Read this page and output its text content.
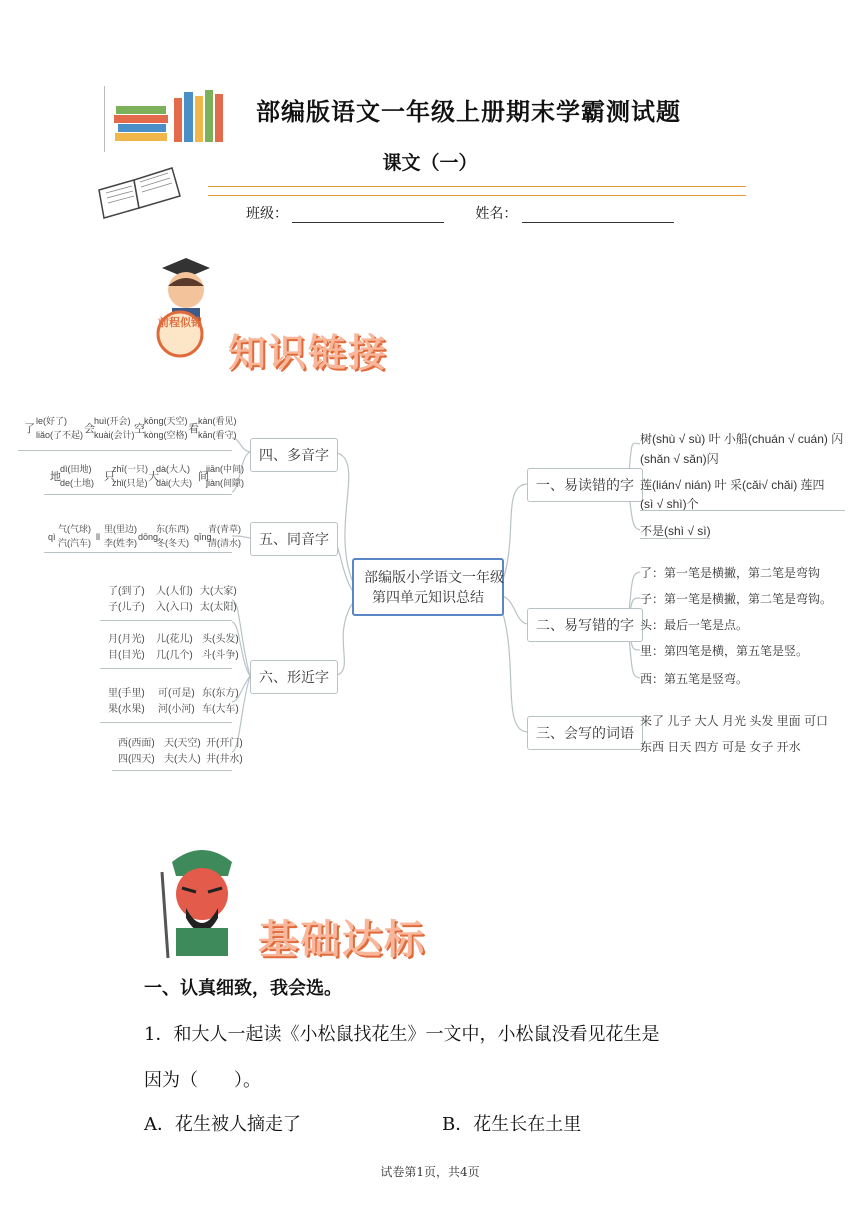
部编版语文一年级上册期末学霸测试题
课文（一）
班级：	姓名：
前程似锦
知识链接
部编版小学语文一年级
第四单元知识总结
一、易读错的字
二、易写错的字
三、会写的词语
树(shù √ sù) 叶 小船(chuán √ cuán) 闪
(shǎn √ sǎn)闪
莲(lián√ nián) 叶 采(cǎi√ chǎi) 莲四
(sì √ shì)个
不是(shì √ sì)
了：第一笔是横撇，第二笔是弯钩
子：第一笔是横撇，第二笔是弯钩。
头：最后一笔是点。
里：第四笔是横，第五笔是竖。
西：第五笔是竖弯。
来了 儿子 大人 月光 头发 里面 可口
东西 日天 四方 可是 女子 开水
四、多音字
五、同音字
六、形近字
了
le(好了)
liǎo(了不起) 会
huì(开会)
kuài(会计) 空
kōng(天空)
kòng(空格) 看
kàn(看见)
kān(看守)
地
dì(田地)
de(土地) 只
zhī(一只)
zhǐ(只是) 大
dà(大人)
dài(大夫) 间
jiān(中间)
jiàn(间隙)
qì
气(气球)
汽(汽车)
lǐ
里(里边)
李(姓李)
dōng
东(东西)
冬(冬天)
qīng
青(青草)
清(清水)
了(到了)
子(儿子)
人(人们)
入(入口)
大(大家)
太(太阳)
月(月光)
目(目光)
儿(花儿)
几(几个)
头(头发)
斗(斗争)
里(手里)
果(水果)
可(可是)
河(小河)
东(东方)
车(大车)
西(西面)
四(四天)
天(天空)
夫(夫人)
开(开门)
井(井水)
基础达标
一、认真细致，我会选。
1．和大人一起读《小松鼠找花生》一文中，小松鼠没看见花生是
因为（　　）。
A．花生被人摘走了	B．花生长在土里
试卷第1页，共4页
